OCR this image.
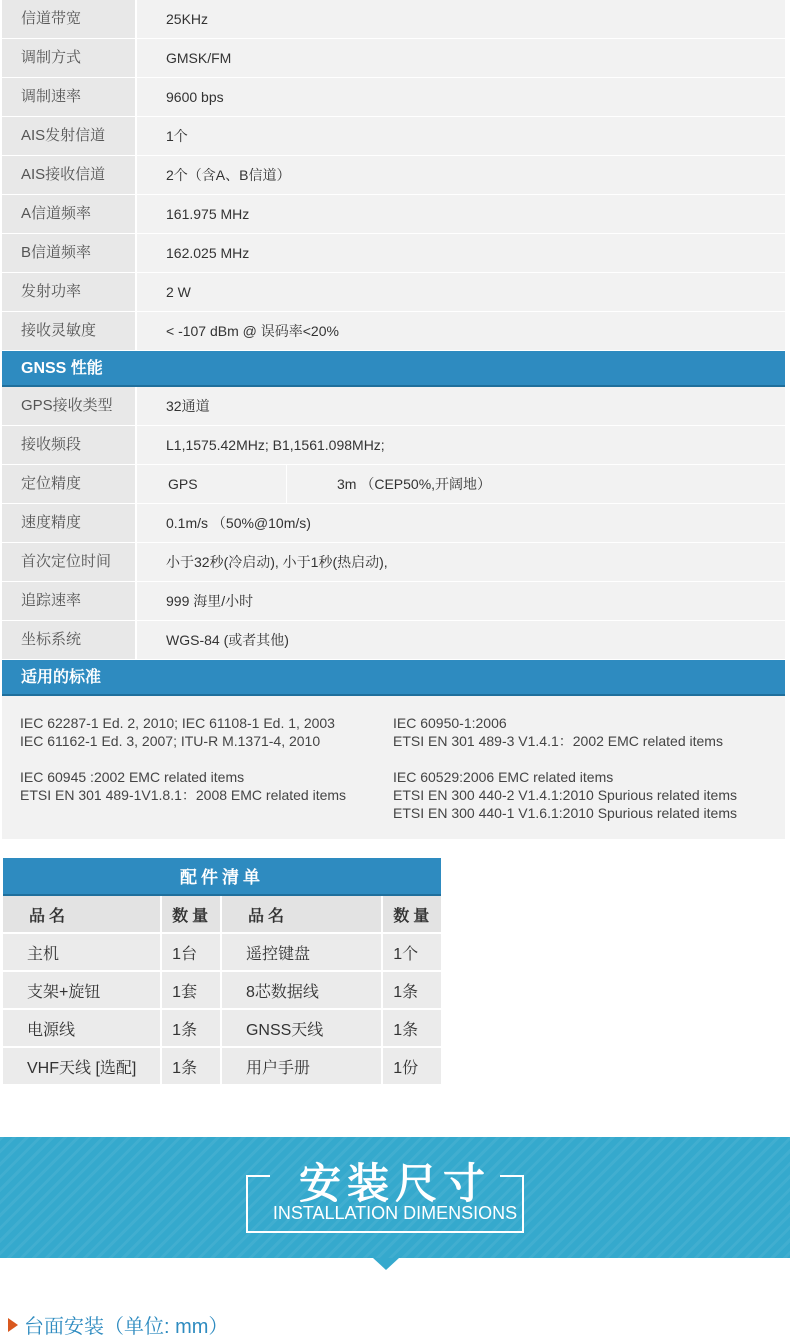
信道带宽	25KHz
调制方式	GMSK/FM
调制速率	9600 bps
AIS发射信道	1个
AIS接收信道	2个（含A、B信道）
A信道频率	161.975 MHz
B信道频率	162.025 MHz
发射功率	2 W
接收灵敏度	< -107 dBm @ 误码率<20%
GNSS 性能
GPS接收类型	32通道
接收频段	L1,1575.42MHz; B1,1561.098MHz;
定位精度	GPS	3m （CEP50%,开阔地）
速度精度	0.1m/s （50%@10m/s)
首次定位时间	小于32秒(冷启动), 小于1秒(热启动),
追踪速率	999 海里/小时
坐标系统	WGS-84 (或者其他)
适用的标准
IEC 62287-1 Ed. 2, 2010; IEC 61108-1 Ed. 1, 2003
IEC 61162-1 Ed. 3, 2007; ITU-R M.1371-4, 2010
IEC 60945 :2002 EMC related items
ETSI EN 301 489-1V1.8.1：2008 EMC related items
IEC 60950-1:2006
ETSI EN 301 489-3 V1.4.1：2002 EMC related items
IEC 60529:2006 EMC related items
ETSI EN 300 440-2 V1.4.1:2010 Spurious related items
ETSI EN 300 440-1 V1.6.1:2010 Spurious related items
配件清单
品名	数量	品名	数量
主机	1台	遥控键盘	1个
支架+旋钮	1套	8芯数据线	1条
电源线	1条	GNSS天线	1条
VHF天线 [选配]	1条	用户手册	1份
安装尺寸
INSTALLATION DIMENSIONS
台面安装（单位: mm）
